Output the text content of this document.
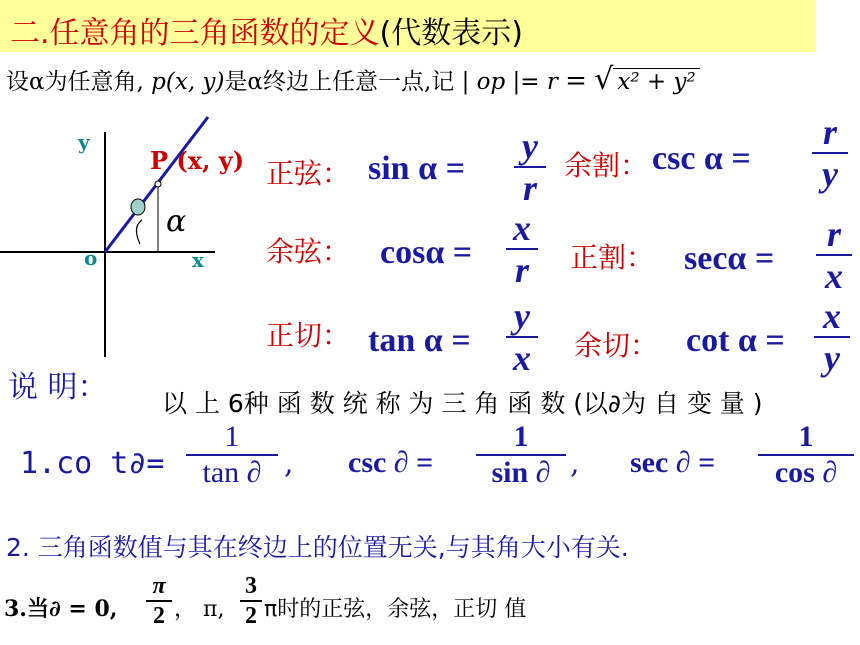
二.任意角的三角函数的定义(代数表示)
设α为任意角, p(x, y)是α终边上任意一点,记 | op |= r = √ x² + y²
y
x
o
P (x, y)
α
正弦： sin α =
y
r
余割： csc α =
r
y
余弦： cosα =
x
r	正割： secα =
r
x
正切： tan α =
y
x 余切： cot α =
x
y
说 明： 以 上 6种 函 数 统 称 为 三 角 函 数 (以∂为 自 变 量 )
1.co t∂=
1
tan ∂ , csc ∂ =
1
sin ∂ , sec ∂ =
1
cos ∂
2. 三角函数值与其在终边上的位置无关,与其角大小有关.
3.当∂ = 0,
π
2 ， π,
3
2 π时的正弦，余弦，正切 值
